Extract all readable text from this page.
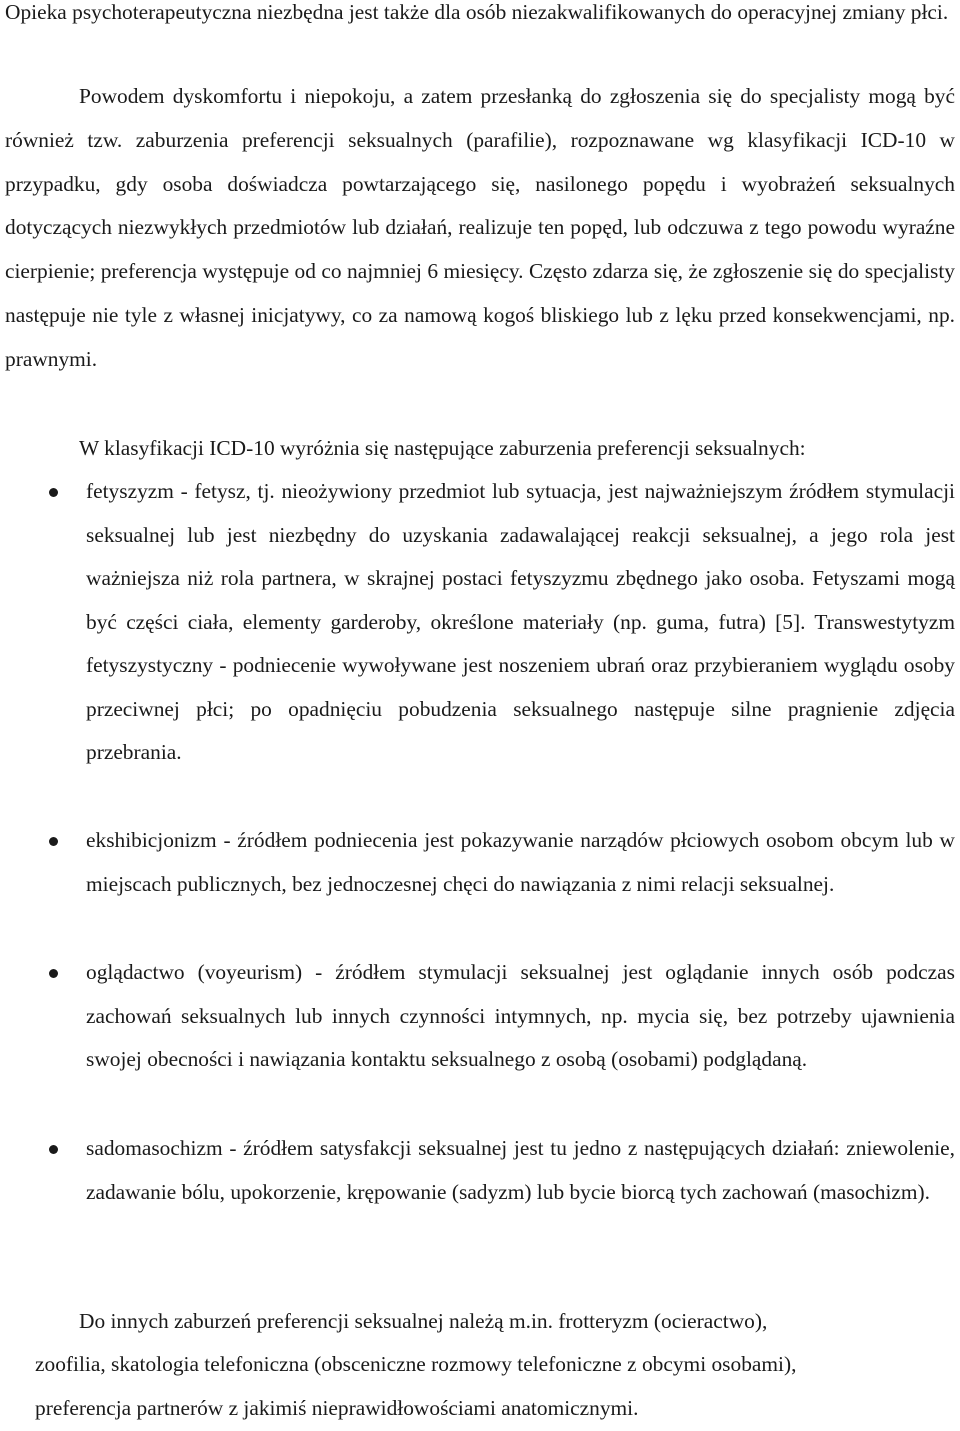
Opieka psychoterapeutyczna niezbędna jest także dla osób niezakwalifikowanych do operacyjnej zmiany płci.

Powodem dyskomfortu i niepokoju, a zatem przesłanką do zgłoszenia się do specjalisty mogą być również tzw. zaburzenia preferencji seksualnych (parafilie), rozpoznawane wg klasyfikacji ICD-10 w przypadku, gdy osoba doświadcza powtarzającego się, nasilonego popędu i wyobrażeń seksualnych dotyczących niezwykłych przedmiotów lub działań, realizuje ten popęd, lub odczuwa z tego powodu wyraźne cierpienie; preferencja występuje od co najmniej 6 miesięcy. Często zdarza się, że zgłoszenie się do specjalisty następuje nie tyle z własnej inicjatywy, co za namową kogoś bliskiego lub z lęku przed konsekwencjami, np. prawnymi.

W klasyfikacji ICD-10 wyróżnia się następujące zaburzenia preferencji seksualnych:

fetyszyzm - fetysz, tj. nieożywiony przedmiot lub sytuacja, jest najważniejszym źródłem stymulacji seksualnej lub jest niezbędny do uzyskania zadawalającej reakcji seksualnej, a jego rola jest ważniejsza niż rola partnera, w skrajnej postaci fetyszyzmu zbędnego jako osoba. Fetyszami mogą być części ciała, elementy garderoby, określone materiały (np. guma, futra) [5]. Transwestytyzm fetyszystyczny - podniecenie wywoływane jest noszeniem ubrań oraz przybieraniem wyglądu osoby przeciwnej płci; po opadnięciu pobudzenia seksualnego następuje silne pragnienie zdjęcia przebrania.
ekshibicjonizm - źródłem podniecenia jest pokazywanie narządów płciowych osobom obcym lub w miejscach publicznych, bez jednoczesnej chęci do nawiązania z nimi relacji seksualnej.
oglądactwo (voyeurism) - źródłem stymulacji seksualnej jest oglądanie innych osób podczas zachowań seksualnych lub innych czynności intymnych, np. mycia się, bez potrzeby ujawnienia swojej obecności i nawiązania kontaktu seksualnego z osobą (osobami) podglądaną.
sadomasochizm - źródłem satysfakcji seksualnej jest tu jedno z następujących działań: zniewolenie, zadawanie bólu, upokorzenie, krępowanie (sadyzm) lub bycie biorcą tych zachowań (masochizm).

Do innych zaburzeń preferencji seksualnej należą m.in. frotteryzm (ocieractwo),

zoofilia, skatologia telefoniczna (obsceniczne rozmowy telefoniczne z obcymi osobami),

preferencja partnerów z jakimiś nieprawidłowościami anatomicznymi.
